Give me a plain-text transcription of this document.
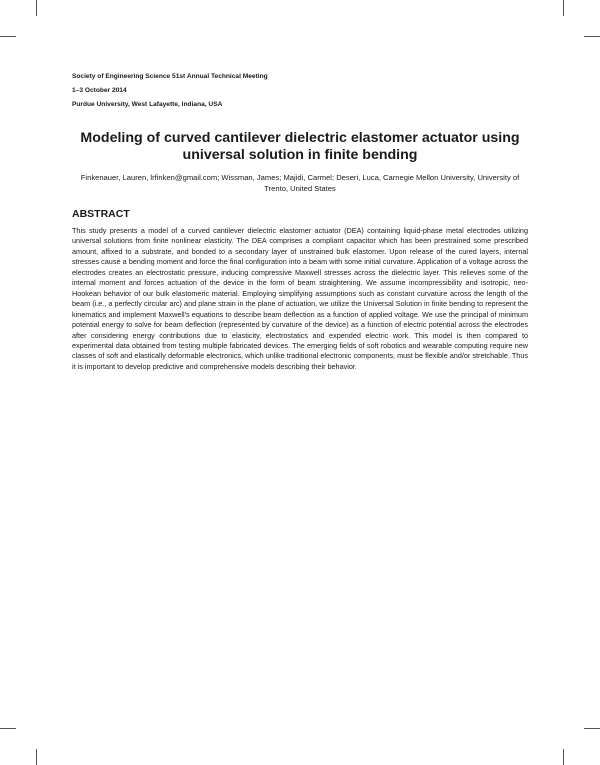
Society of Engineering Science 51st Annual Technical Meeting
1–3 October 2014
Purdue University, West Lafayette, Indiana, USA
Modeling of curved cantilever dielectric elastomer actuator using universal solution in finite bending
Finkenauer, Lauren, lrfinken@gmail.com; Wissman, James; Majidi, Carmel; Deseri, Luca, Carnegie Mellon University, University of Trento, United States
ABSTRACT
This study presents a model of a curved cantilever dielectric elastomer actuator (DEA) containing liquid-phase metal electrodes utilizing universal solutions from finite nonlinear elasticity. The DEA comprises a compliant capacitor which has been prestrained some prescribed amount, affixed to a substrate, and bonded to a secondary layer of unstrained bulk elastomer. Upon release of the cured layers, internal stresses cause a bending moment and force the final configuration into a beam with some initial curvature. Application of a voltage across the electrodes creates an electrostatic pressure, inducing compressive Maxwell stresses across the dielectric layer. This relieves some of the internal moment and forces actuation of the device in the form of beam straightening. We assume incompressibility and isotropic, neo-Hookean behavior of our bulk elastomeric material. Employing simplifying assumptions such as constant curvature across the length of the beam (i.e., a perfectly circular arc) and plane strain in the plane of actuation, we utilize the Universal Solution in finite bending to represent the kinematics and implement Maxwell's equations to describe beam deflection as a function of applied voltage. We use the principal of minimum potential energy to solve for beam deflection (represented by curvature of the device) as a function of electric potential across the electrodes after considering energy contributions due to elasticity, electrostatics and expended electric work. This model is then compared to experimental data obtained from testing multiple fabricated devices. The emerging fields of soft robotics and wearable computing require new classes of soft and elastically deformable electronics, which unlike traditional electronic components, must be flexible and/or stretchable. Thus it is important to develop predictive and comprehensive models describing their behavior.
